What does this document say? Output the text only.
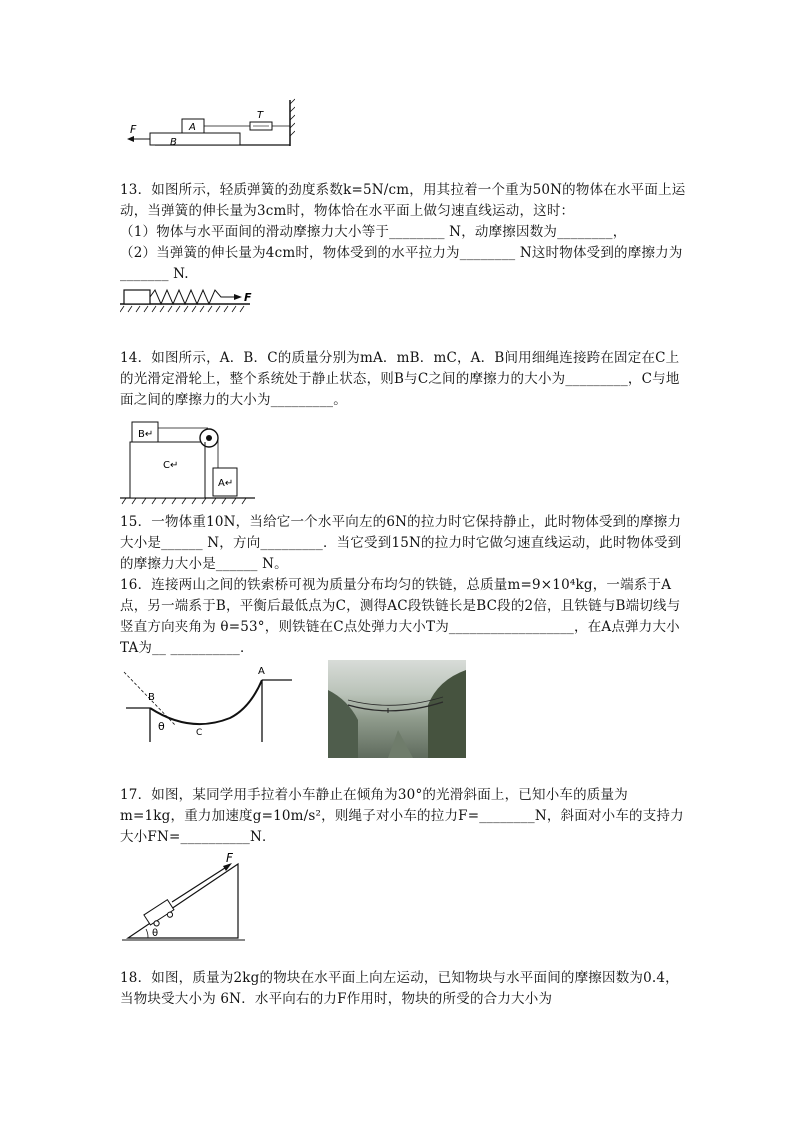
F	A
B
T
13．如图所示，轻质弹簧的劲度系数k=5N/cm，用其拉着一个重为50N的物体在水平面上运动，当弹簧的伸长量为3cm时，物体恰在水平面上做匀速直线运动，这时：
（1）物体与水平面间的滑动摩擦力大小等于________ N，动摩擦因数为________，
（2）当弹簧的伸长量为4cm时，物体受到的水平拉力为________ N这时物体受到的摩擦力为_______ N.
F
14．如图所示，A．B．C的质量分别为mA．mB．mC，A．B间用细绳连接跨在固定在C上的光滑定滑轮上，整个系统处于静止状态，则B与C之间的摩擦力的大小为_________，C与地面之间的摩擦力的大小为_________。
B↵
C↵
A↵
15．一物体重10N，当给它一个水平向左的6N的拉力时它保持静止，此时物体受到的摩擦力大小是______ N，方向_________．当它受到15N的拉力时它做匀速直线运动，此时物体受到的摩擦力大小是______ N。
16．连接两山之间的铁索桥可视为质量分布均匀的铁链，总质量m=9×10⁴kg，一端系于A点，另一端系于B，平衡后最低点为C，测得AC段铁链长是BC段的2倍，且铁链与B端切线与竖直方向夹角为 θ=53°，则铁链在C点处弹力大小T为__________________，在A点弹力大小TA为__ __________．
B
A
C
θ
17．如图，某同学用手拉着小车静止在倾角为30°的光滑斜面上，已知小车的质量为m=1kg，重力加速度g=10m/s²，则绳子对小车的拉力F=________N，斜面对小车的支持力大小FN=__________N．
F
θ
18．如图，质量为2kg的物块在水平面上向左运动，已知物块与水平面间的摩擦因数为0.4，当物块受大小为 6N．水平向右的力F作用时，物块的所受的合力大小为
